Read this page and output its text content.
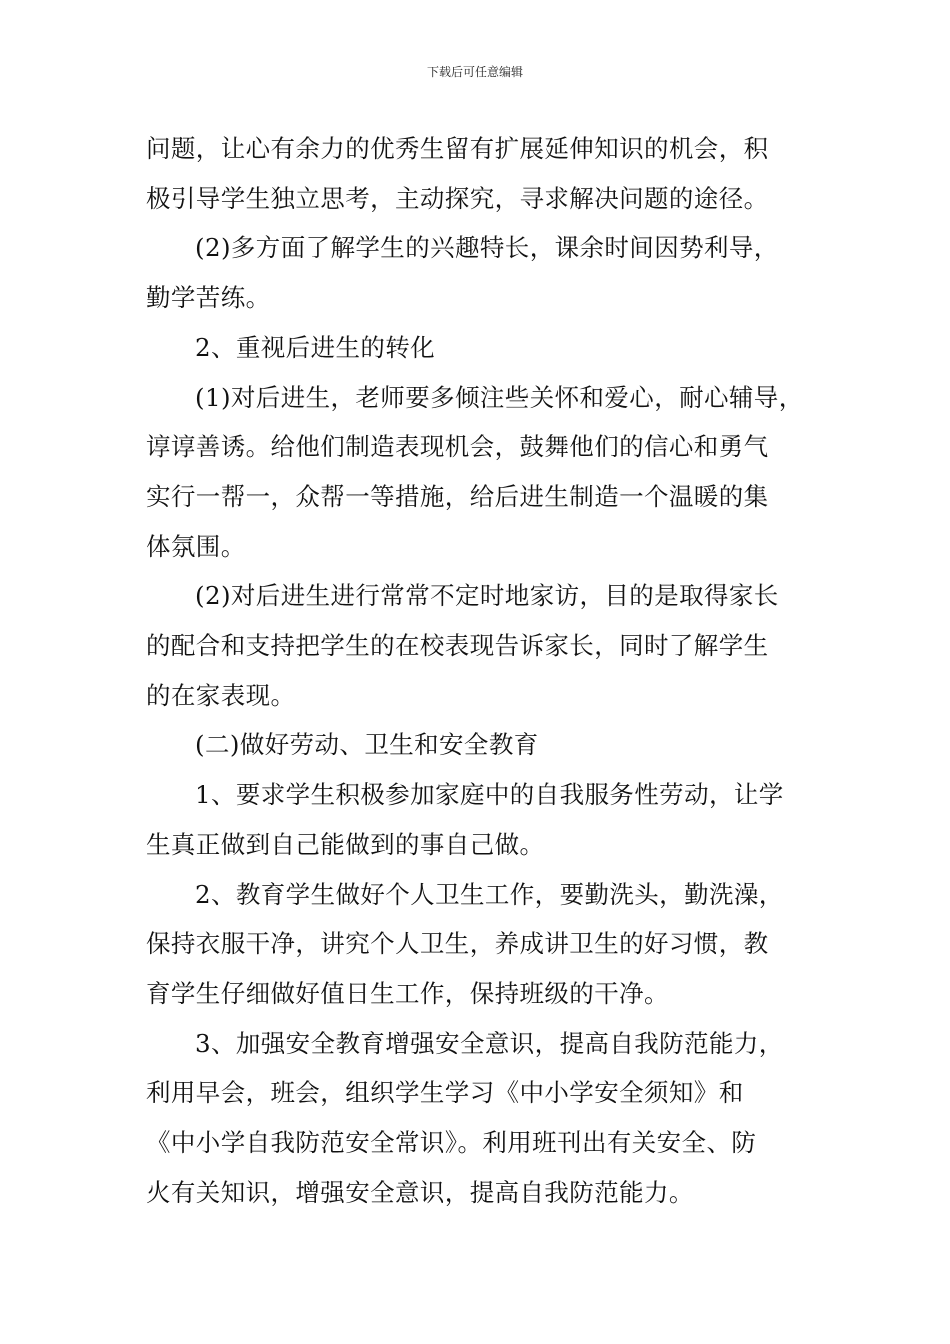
下载后可任意编辑
问题，让心有余力的优秀生留有扩展延伸知识的机会，积
极引导学生独立思考，主动探究，寻求解决问题的途径。
(2)多方面了解学生的兴趣特长，课余时间因势利导，
勤学苦练。
2、重视后进生的转化
(1)对后进生，老师要多倾注些关怀和爱心，耐心辅导，
谆谆善诱。给他们制造表现机会，鼓舞他们的信心和勇气
实行一帮一，众帮一等措施，给后进生制造一个温暖的集
体氛围。
(2)对后进生进行常常不定时地家访，目的是取得家长
的配合和支持把学生的在校表现告诉家长，同时了解学生
的在家表现。
(二)做好劳动、卫生和安全教育
1、要求学生积极参加家庭中的自我服务性劳动，让学
生真正做到自己能做到的事自己做。
2、教育学生做好个人卫生工作，要勤洗头，勤洗澡，
保持衣服干净，讲究个人卫生，养成讲卫生的好习惯，教
育学生仔细做好值日生工作，保持班级的干净。
3、加强安全教育增强安全意识，提高自我防范能力，
利用早会，班会，组织学生学习《中小学安全须知》和
《中小学自我防范安全常识》。利用班刊出有关安全、防
火有关知识，增强安全意识，提高自我防范能力。
